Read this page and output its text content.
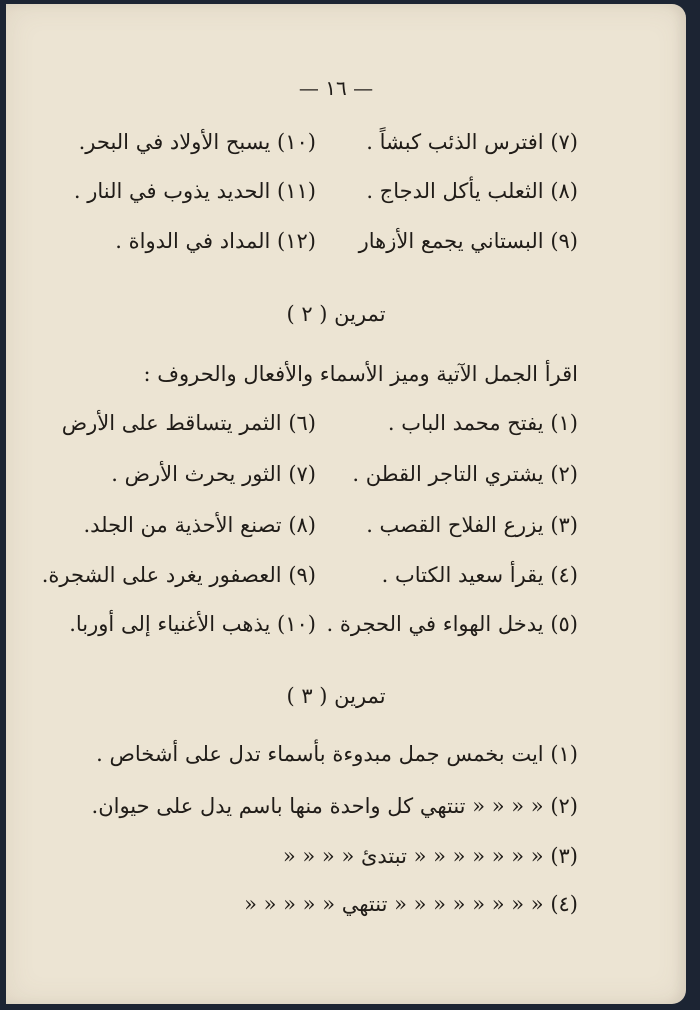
— ١٦ —
(٧) افترس الذئب كبشاً .
(١٠) يسبح الأولاد في البحر.
(٨) الثعلب يأكل الدجاج .
(١١) الحديد يذوب في النار .
(٩) البستاني يجمع الأزهار
(١٢) المداد في الدواة .
تمرين ( ٢ )
اقرأ الجمل الآتية وميز الأسماء والأفعال والحروف :
(١) يفتح محمد الباب .
(٦) الثمر يتساقط على الأرض
(٢) يشتري التاجر القطن .
(٧) الثور يحرث الأرض .
(٣) يزرع الفلاح القصب .
(٨) تصنع الأحذية من الجلد.
(٤) يقرأ سعيد الكتاب .
(٩) العصفور يغرد على الشجرة.
(٥) يدخل الهواء في الحجرة .
(١٠) يذهب الأغنياء إلى أوربا.
تمرين ( ٣ )
(١) ايت بخمس جمل مبدوءة بأسماء تدل على أشخاص .
(٢) « « « « تنتهي كل واحدة منها باسم يدل على حيوان.
(٣) « « « « « « « تبتدئ « « « «
(٤) « « « « « « « « تنتهي « « « « «
